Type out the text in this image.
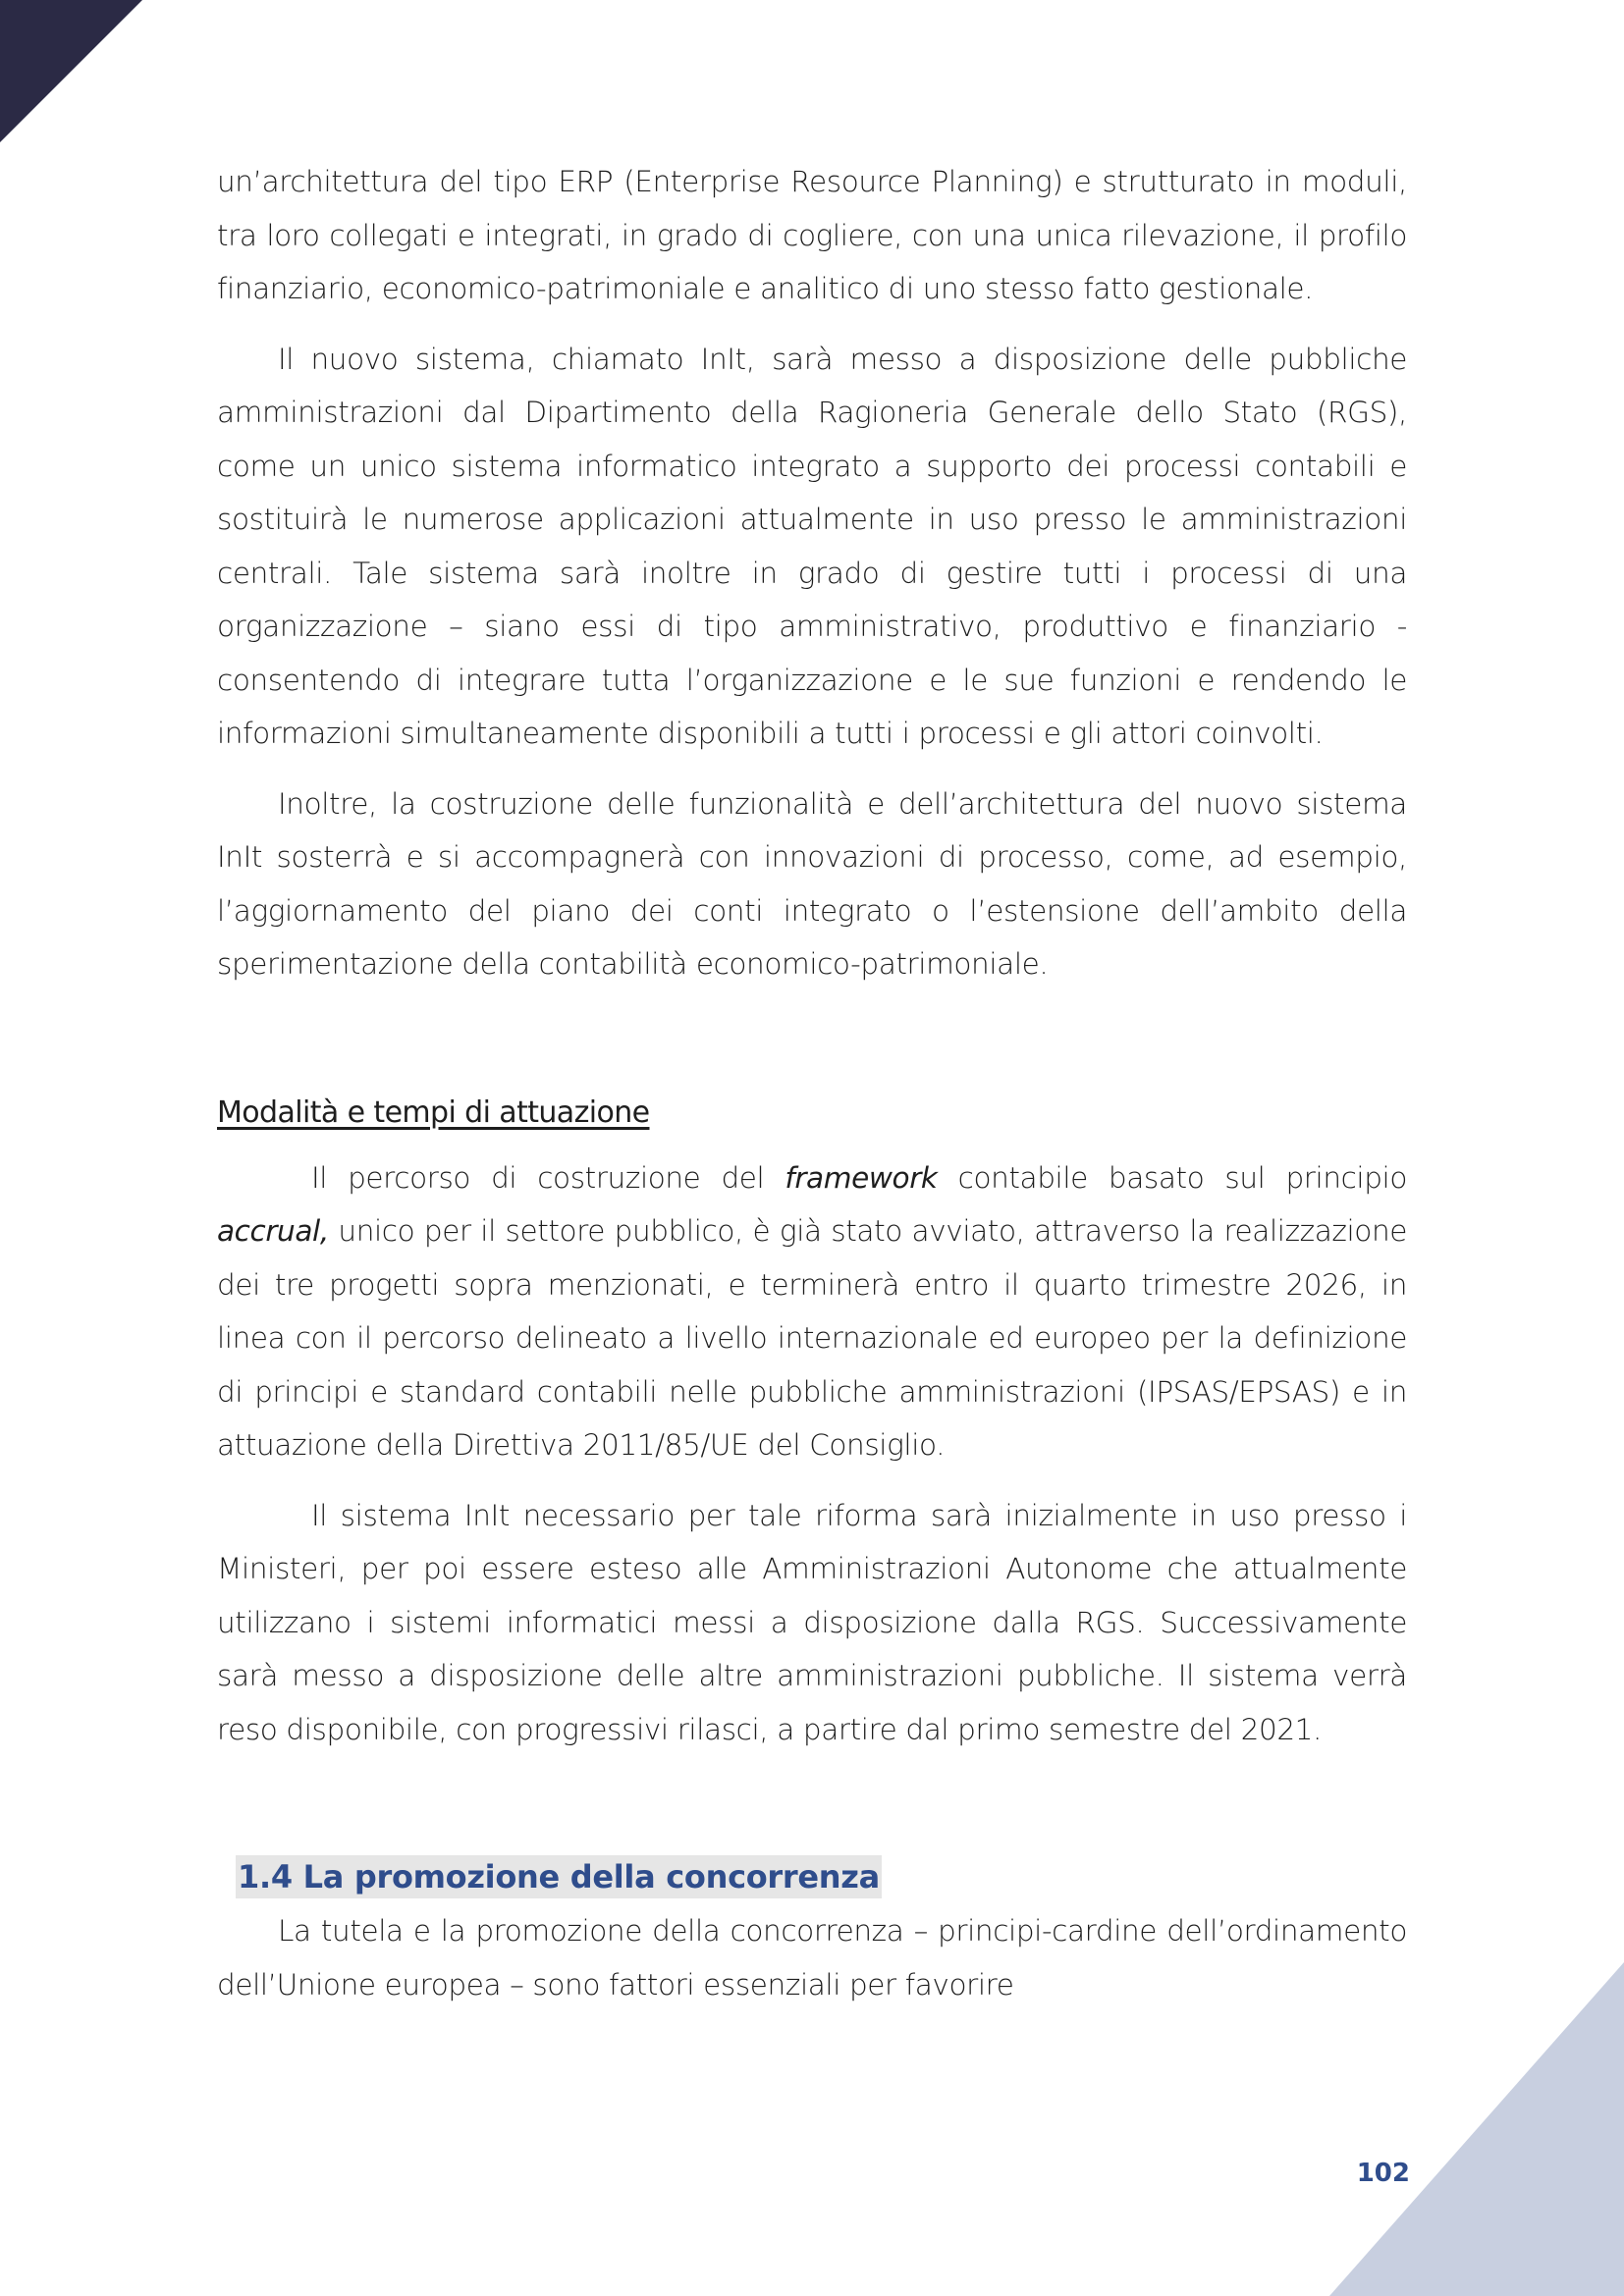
un’architettura del tipo ERP (Enterprise Resource Planning) e strutturato in moduli, tra loro collegati e integrati, in grado di cogliere, con una unica rilevazione, il profilo finanziario, economico-patrimoniale e analitico di uno stesso fatto gestionale.

Il nuovo sistema, chiamato InIt, sarà messo a disposizione delle pubbliche amministrazioni dal Dipartimento della Ragioneria Generale dello Stato (RGS), come un unico sistema informatico integrato a supporto dei processi contabili e sostituirà le numerose applicazioni attualmente in uso presso le amministrazioni centrali. Tale sistema sarà inoltre in grado di gestire tutti i processi di una organizzazione – siano essi di tipo amministrativo, produttivo e finanziario - consentendo di integrare tutta l’organizzazione e le sue funzioni e rendendo le informazioni simultaneamente disponibili a tutti i processi e gli attori coinvolti.

Inoltre, la costruzione delle funzionalità e dell’architettura del nuovo sistema InIt sosterrà e si accompagnerà con innovazioni di processo, come, ad esempio, l’aggiornamento del piano dei conti integrato o l’estensione dell’ambito della sperimentazione della contabilità economico-patrimoniale.

Modalità e tempi di attuazione

Il percorso di costruzione del framework contabile basato sul principio accrual, unico per il settore pubblico, è già stato avviato, attraverso la realizzazione dei tre progetti sopra menzionati, e terminerà entro il quarto trimestre 2026, in linea con il percorso delineato a livello internazionale ed europeo per la definizione di principi e standard contabili nelle pubbliche amministrazioni (IPSAS/EPSAS) e in attuazione della Direttiva 2011/85/UE del Consiglio.

Il sistema InIt necessario per tale riforma sarà inizialmente in uso presso i Ministeri, per poi essere esteso alle Amministrazioni Autonome che attualmente utilizzano i sistemi informatici messi a disposizione dalla RGS. Successivamente sarà messo a disposizione delle altre amministrazioni pubbliche. Il sistema verrà reso disponibile, con progressivi rilasci, a partire dal primo semestre del 2021.

1.4 La promozione della concorrenza

La tutela e la promozione della concorrenza – principi-cardine dell’ordinamento dell’Unione europea – sono fattori essenziali per favorire

102
